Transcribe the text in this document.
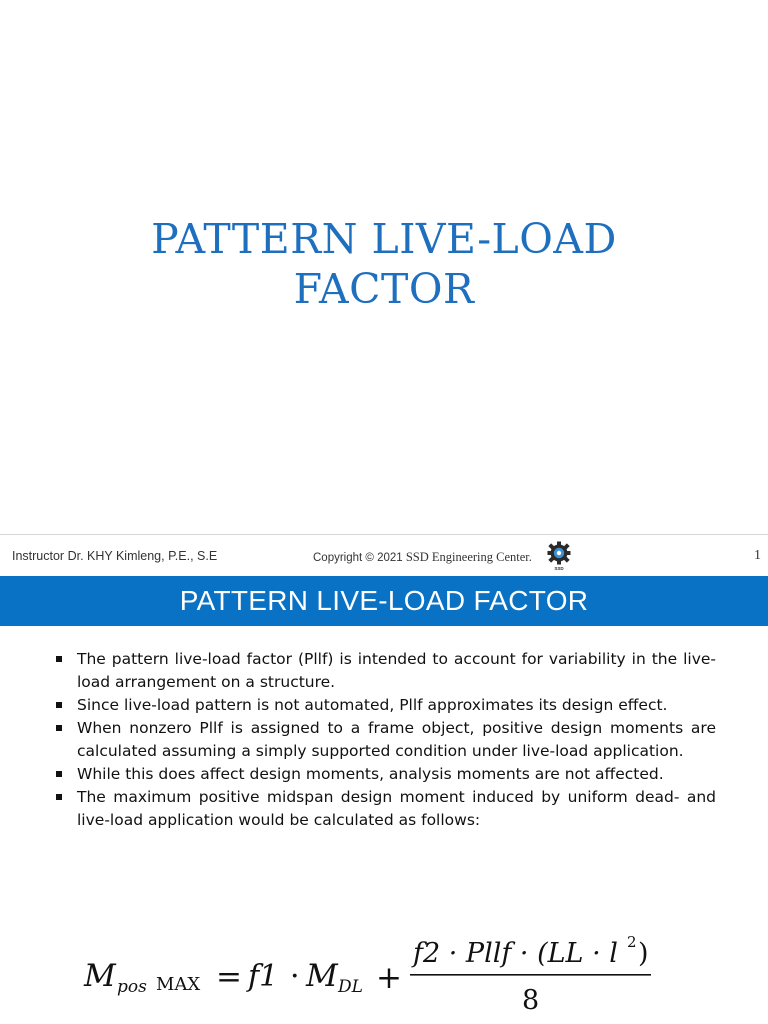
PATTERN LIVE-LOAD
FACTOR
Instructor Dr. KHY Kimleng, P.E., S.E	Copyright © 2021 SSD Engineering Center.
SSD
1
PATTERN LIVE-LOAD FACTOR
The pattern live-load factor (Pllf) is intended to account for variability in the live-load arrangement on a structure.
Since live-load pattern is not automated, Pllf approximates its design effect.
When nonzero Pllf is assigned to a frame object, positive design moments are calculated assuming a simply supported condition under live-load application.
While this does affect design moments, analysis moments are not affected.
The maximum positive midspan design moment induced by uniform dead- and live-load application would be calculated as follows:
M pos MAX = f1 · M DL +
f2 · Pllf · (LL · l 2 )
8
